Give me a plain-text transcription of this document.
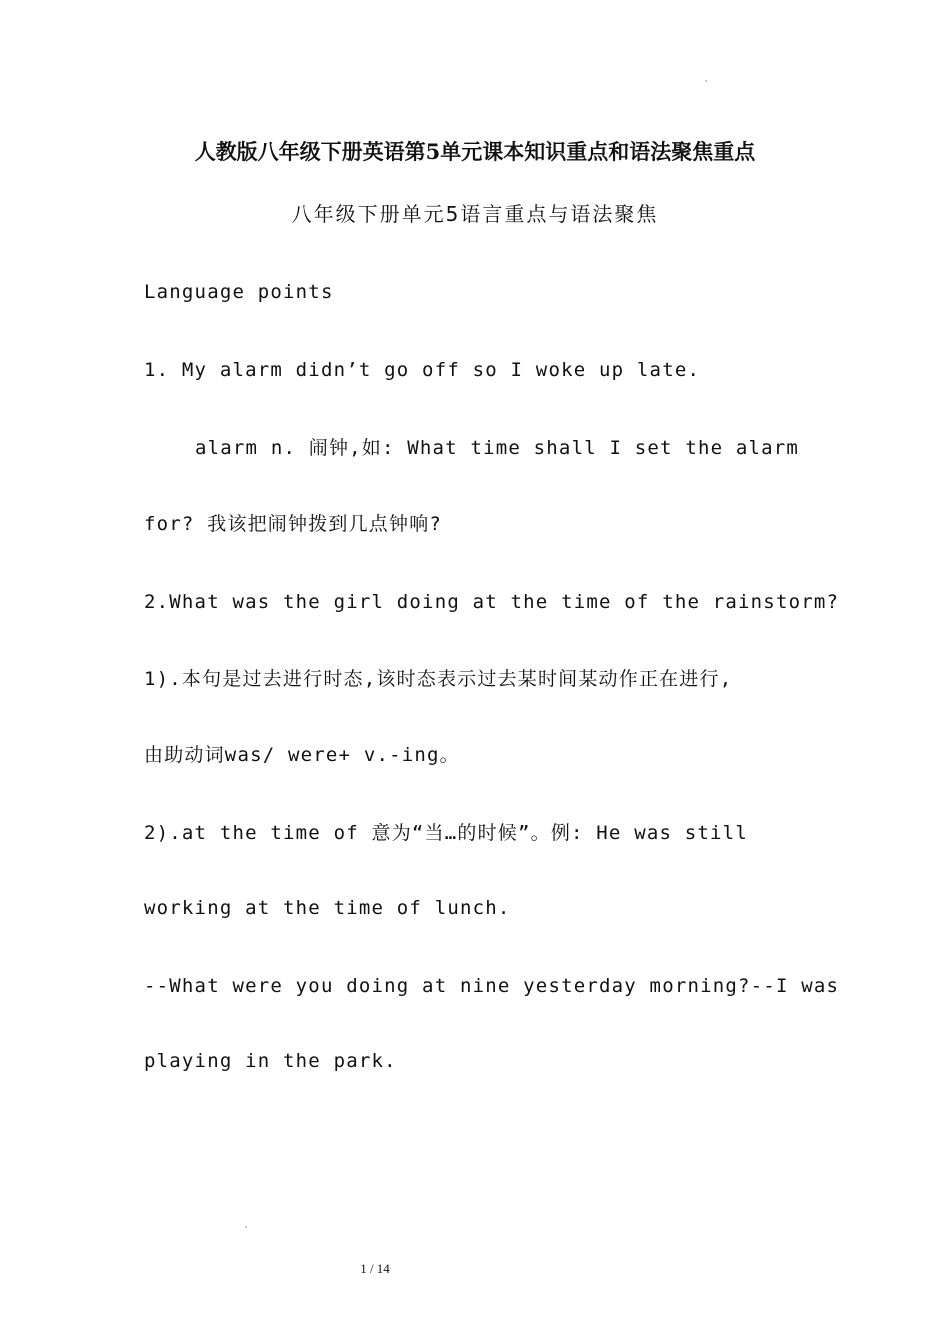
人教版八年级下册英语第5单元课本知识重点和语法聚焦重点
八年级下册单元5语言重点与语法聚焦
Language points
1. My alarm didn’t go off so I woke up late.
alarm n. 闹钟,如: What time shall I set the alarm
for? 我该把闹钟拨到几点钟响?
2.What was the girl doing at the time of the rainstorm?
1).本句是过去进行时态,该时态表示过去某时间某动作正在进行,
由助动词was/ were+ v.-ing。
2).at the time of 意为“当…的时候”。例: He was still
working at the time of lunch.
--What were you doing at nine yesterday morning?--I was
playing in the park.
1 / 14
